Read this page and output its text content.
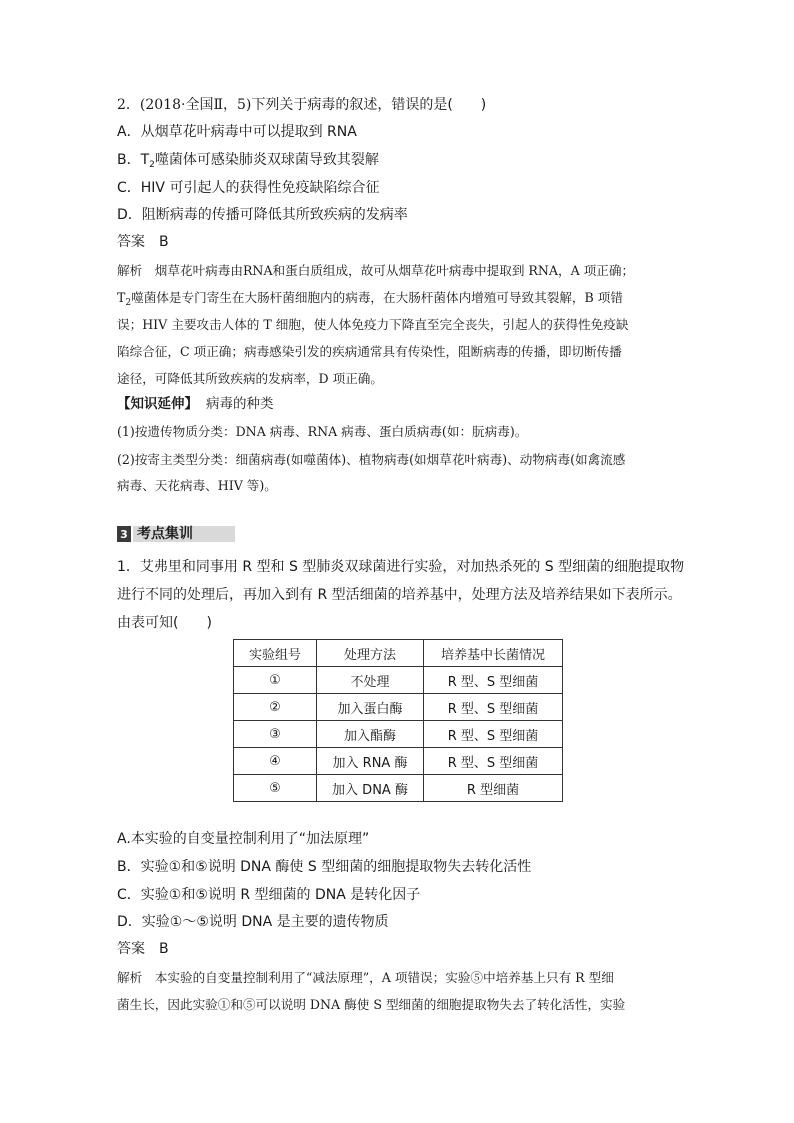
2．(2018·全国Ⅱ，5)下列关于病毒的叙述，错误的是(　　)
A．从烟草花叶病毒中可以提取到 RNA
B．$T_2$噬菌体可感染肺炎双球菌导致其裂解
C．HIV 可引起人的获得性免疫缺陷综合征
D．阻断病毒的传播可降低其所致疾病的发病率
答案　B
解析　烟草花叶病毒由RNA和蛋白质组成，故可从烟草花叶病毒中提取到 RNA，A 项正确；
$T_2$噬菌体是专门寄生在大肠杆菌细胞内的病毒，在大肠杆菌体内增殖可导致其裂解，B 项错
误；HIV 主要攻击人体的 T 细胞，使人体免疫力下降直至完全丧失，引起人的获得性免疫缺
陷综合征，C 项正确；病毒感染引发的疾病通常具有传染性，阻断病毒的传播，即切断传播
途径，可降低其所致疾病的发病率，D 项正确。
【知识延伸】 病毒的种类
(1)按遗传物质分类：DNA 病毒、RNA 病毒、蛋白质病毒(如：朊病毒)。
(2)按寄主类型分类：细菌病毒(如噬菌体)、植物病毒(如烟草花叶病毒)、动物病毒(如禽流感
病毒、天花病毒、HIV 等)。
3 考点集训
1．艾弗里和同事用 R 型和 S 型肺炎双球菌进行实验，对加热杀死的 S 型细菌的细胞提取物
进行不同的处理后，再加入到有 R 型活细菌的培养基中，处理方法及培养结果如下表所示。
由表可知(　　)
实验组号	处理方法	培养基中长菌情况
①	不处理	R 型、S 型细菌
②	加入蛋白酶	R 型、S 型细菌
③	加入酯酶	R 型、S 型细菌
④	加入 RNA 酶	R 型、S 型细菌
⑤	加入 DNA 酶	R 型细菌
A.本实验的自变量控制利用了“加法原理”
B．实验①和⑤说明 DNA 酶使 S 型细菌的细胞提取物失去转化活性
C．实验①和⑤说明 R 型细菌的 DNA 是转化因子
D．实验①～⑤说明 DNA 是主要的遗传物质
答案　B
解析　本实验的自变量控制利用了“减法原理”，A 项错误；实验⑤中培养基上只有 R 型细
菌生长，因此实验①和⑤可以说明 DNA 酶使 S 型细菌的细胞提取物失去了转化活性，实验
